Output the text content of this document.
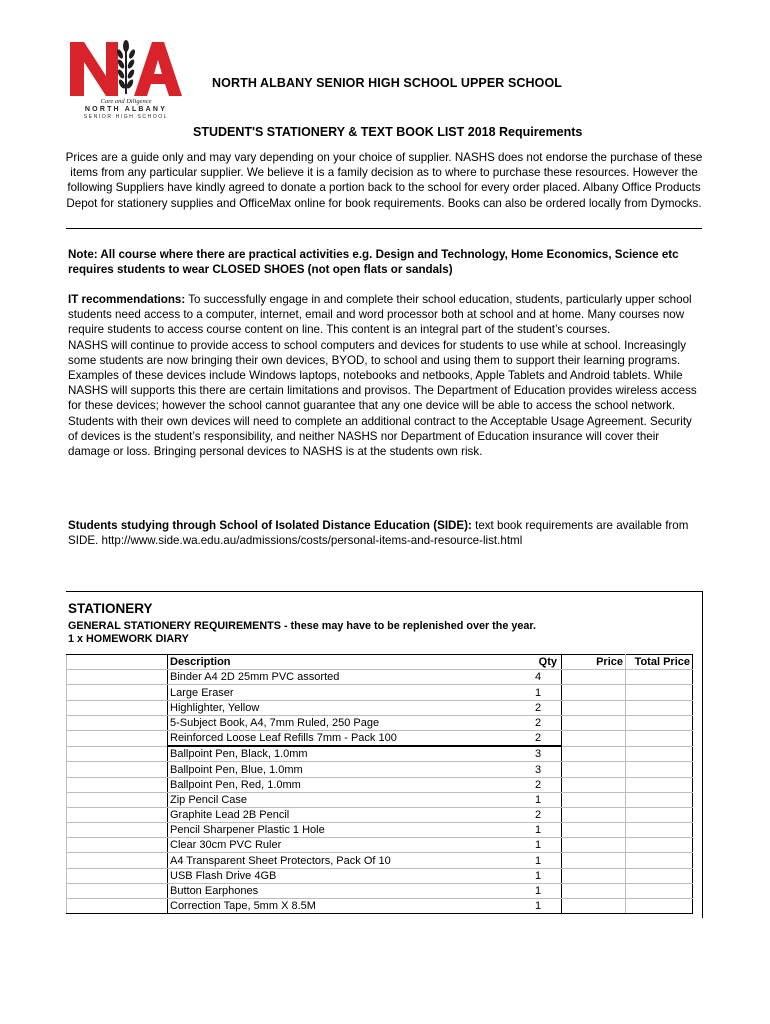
Care and Diligence
NORTH ALBANY
SENIOR HIGH SCHOOL
NORTH ALBANY SENIOR HIGH SCHOOL UPPER SCHOOL
STUDENT'S STATIONERY & TEXT BOOK LIST 2018 Requirements
Prices are a guide only and may vary depending on your choice of supplier. NASHS does not endorse the purchase of these items from any particular supplier. We believe it is a family decision as to where to purchase these resources. However the following Suppliers have kindly agreed to donate a portion back to the school for every order placed. Albany Office Products Depot for stationery supplies and OfficeMax online for book requirements. Books can also be ordered locally from Dymocks.
Note: All course where there are practical activities e.g. Design and Technology, Home Economics, Science etc requires students to wear CLOSED SHOES (not open flats or sandals)
IT recommendations: To successfully engage in and complete their school education, students, particularly upper school students need access to a computer, internet, email and word processor both at school and at home. Many courses now require students to access course content on line. This content is an integral part of the student’s courses.
NASHS will continue to provide access to school computers and devices for students to use while at school. Increasingly some students are now bringing their own devices, BYOD, to school and using them to support their learning programs. Examples of these devices include Windows laptops, notebooks and netbooks, Apple Tablets and Android tablets. While NASHS will supports this there are certain limitations and provisos. The Department of Education provides wireless access for these devices; however the school cannot guarantee that any one device will be able to access the school network. Students with their own devices will need to complete an additional contract to the Acceptable Usage Agreement. Security of devices is the student’s responsibility, and neither NASHS nor Department of Education insurance will cover their damage or loss. Bringing personal devices to NASHS is at the students own risk.
Students studying through School of Isolated Distance Education (SIDE): text book requirements are available from SIDE. http://www.side.wa.edu.au/admissions/costs/personal-items-and-resource-list.html
STATIONERY
GENERAL STATIONERY REQUIREMENTS - these may have to be replenished over the year.
1 x HOMEWORK DIARY
	Description	Qty	Price	Total Price
	Binder A4 2D 25mm PVC assorted	4		
	Large Eraser	1		
	Highlighter, Yellow	2		
	5-Subject Book, A4, 7mm Ruled, 250 Page	2		
	Reinforced Loose Leaf Refills 7mm - Pack 100	2		
	Ballpoint Pen, Black, 1.0mm	3		
	Ballpoint Pen, Blue, 1.0mm	3		
	Ballpoint Pen, Red, 1.0mm	2		
	Zip Pencil Case	1		
	Graphite Lead 2B Pencil	2		
	Pencil Sharpener Plastic 1 Hole	1		
	Clear 30cm PVC Ruler	1		
	A4 Transparent Sheet Protectors, Pack Of 10	1		
	USB Flash Drive 4GB	1		
	Button Earphones	1		
	Correction Tape, 5mm X 8.5M	1		
